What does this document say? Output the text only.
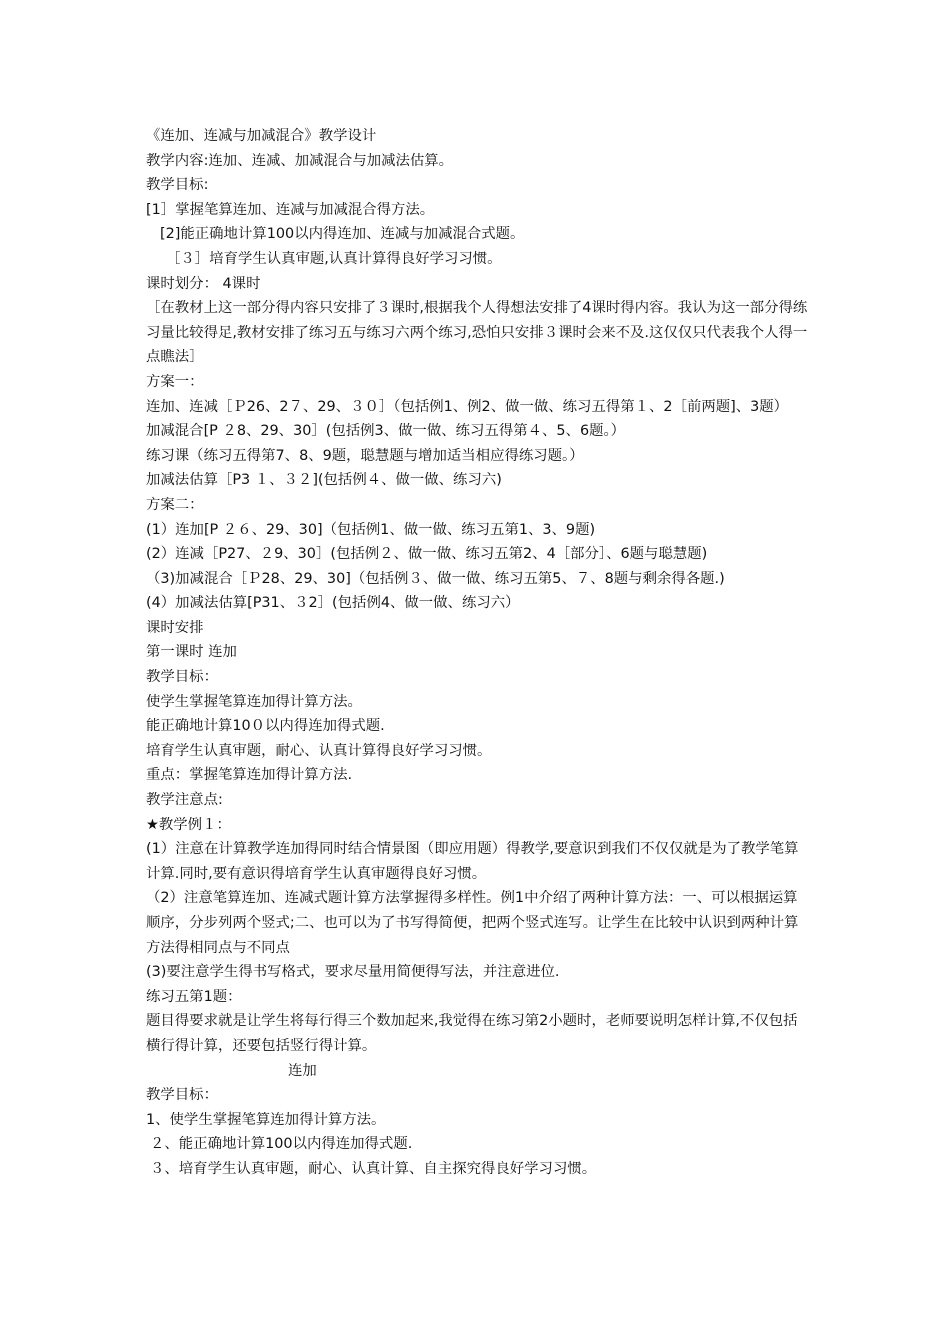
《连加、连减与加减混合》教学设计

教学内容:连加、连减、加减混合与加减法估算。

教学目标:

[1］掌握笔算连加、连减与加减混合得方法。

[2]能正确地计算100以内得连加、连减与加减混合式题。

［３］培育学生认真审题,认真计算得良好学习习惯。

课时划分： 4课时

［在教材上这一部分得内容只安排了３课时,根据我个人得想法安排了4课时得内容。我认为这一部分得练习量比较得足,教材安排了练习五与练习六两个练习,恐怕只安排３课时会来不及.这仅仅只代表我个人得一点瞧法］

方案一：

连加、连减［Ｐ26、2７、29、３０］（包括例1、例2、做一做、练习五得第１、2［前两题]、3题）

加减混合[P ２8、29、30］(包括例3、做一做、练习五得第４、5、6题。）

练习课（练习五得第7、8、9题，聪慧题与增加适当相应得练习题。）

加减法估算［P3 １、３２](包括例４、做一做、练习六)

方案二：

(1）连加[P ２６、29、30]（包括例1、做一做、练习五第1、3、9题)

(2）连减［P27、２9、30］(包括例２、做一做、练习五第2、4［部分］、6题与聪慧题)

（3)加减混合［Ｐ28、29、30]（包括例３、做一做、练习五第5、７、8题与剩余得各题.)

(4）加减法估算[P31、３2］(包括例4、做一做、练习六）

课时安排

第一课时 连加

教学目标：

使学生掌握笔算连加得计算方法。

能正确地计算10０以内得连加得式题.

培育学生认真审题，耐心、认真计算得良好学习习惯。

重点：掌握笔算连加得计算方法.

教学注意点:

★教学例１：

(1）注意在计算教学连加得同时结合情景图（即应用题）得教学,要意识到我们不仅仅就是为了教学笔算计算.同时,要有意识得培育学生认真审题得良好习惯。

（2）注意笔算连加、连减式题计算方法掌握得多样性。例1中介绍了两种计算方法：一、可以根据运算顺序，分步列两个竖式;二、也可以为了书写得简便，把两个竖式连写。让学生在比较中认识到两种计算方法得相同点与不同点

(3)要注意学生得书写格式，要求尽量用简便得写法，并注意进位.

练习五第1题：

题目得要求就是让学生将每行得三个数加起来,我觉得在练习第2小题时，老师要说明怎样计算,不仅包括横行得计算，还要包括竖行得计算。

连加

教学目标：

1、使学生掌握笔算连加得计算方法。

２、能正确地计算100以内得连加得式题.

３、培育学生认真审题，耐心、认真计算、自主探究得良好学习习惯。
